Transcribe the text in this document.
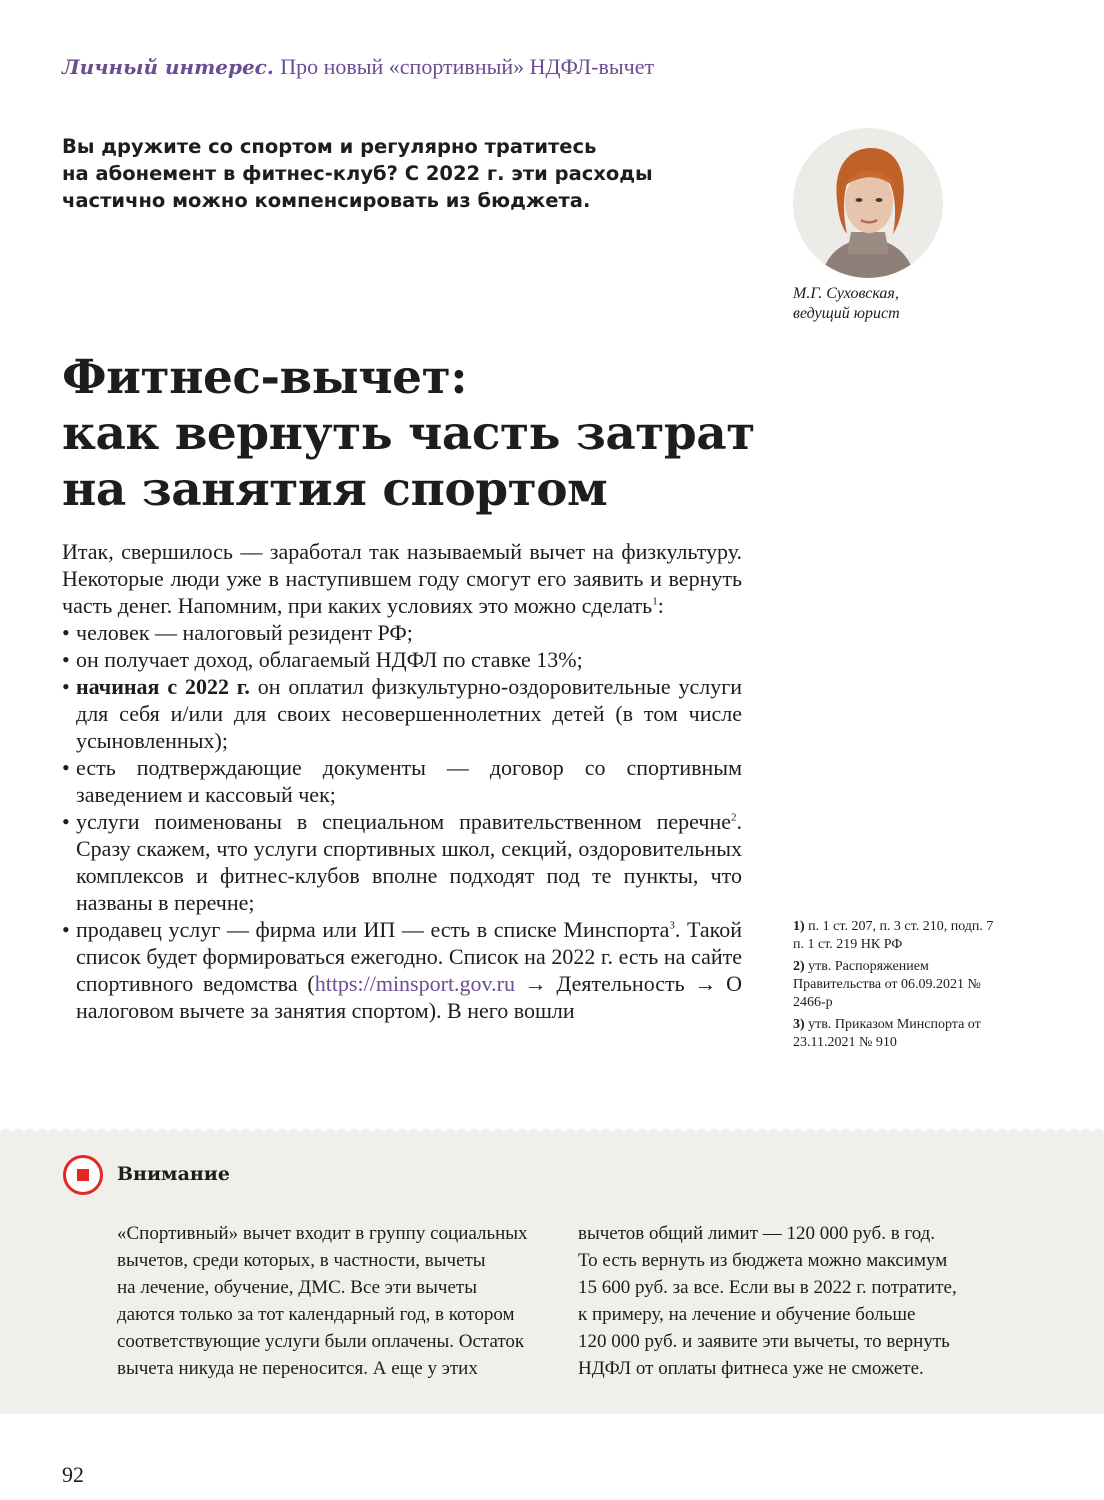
Личный интерес. Про новый «спортивный» НДФЛ-вычет
Вы дружите со спортом и регулярно тратитесь
на абонемент в фитнес-клуб? С 2022 г. эти расходы
частично можно компенсировать из бюджета.
М.Г. Суховская,
ведущий юрист
Фитнес-вычет:
как вернуть часть затрат
на занятия спортом

Итак, свершилось — заработал так называемый вычет на физкультуру. Некоторые люди уже в наступившем году смогут его заявить и вернуть часть денег. Напомним, при каких условиях это можно сделать$^1$:

• человек — налоговый резидент РФ;
• он получает доход, облагаемый НДФЛ по ставке 13%;
• начиная с 2022 г. он оплатил физкультурно-оздоровительные услуги для себя и/или для своих несовершеннолетних детей (в том числе усыновленных);
• есть подтверждающие документы — договор со спортивным заведением и кассовый чек;
• услуги поименованы в специальном правительственном перечне$^2$. Сразу скажем, что услуги спортивных школ, секций, оздоровительных комплексов и фитнес-клубов вполне подходят под те пункты, что названы в перечне;
• продавец услуг — фирма или ИП — есть в списке Минспорта$^3$. Такой список будет формироваться ежегодно. Список на 2022 г. есть на сайте спортивного ведомства (https://minsport.gov.ru → Деятельность → О налоговом вычете за занятия спортом). В него вошли
1) п. 1 ст. 207, п. 3 ст. 210, подп. 7 п. 1 ст. 219 НК РФ
2) утв. Распоряжением Правительства от 06.09.2021 № 2466-р
3) утв. Приказом Минспорта от 23.11.2021 № 910
Внимание
«Спортивный» вычет входит в группу социальных
вычетов, среди которых, в частности, вычеты
на лечение, обучение, ДМС. Все эти вычеты
даются только за тот календарный год, в котором
соответствующие услуги были оплачены. Остаток
вычета никуда не переносится. А еще у этих
вычетов общий лимит — 120 000 руб. в год.
То есть вернуть из бюджета можно максимум
15 600 руб. за все. Если вы в 2022 г. потратите,
к примеру, на лечение и обучение больше
120 000 руб. и заявите эти вычеты, то вернуть
НДФЛ от оплаты фитнеса уже не сможете.
92
